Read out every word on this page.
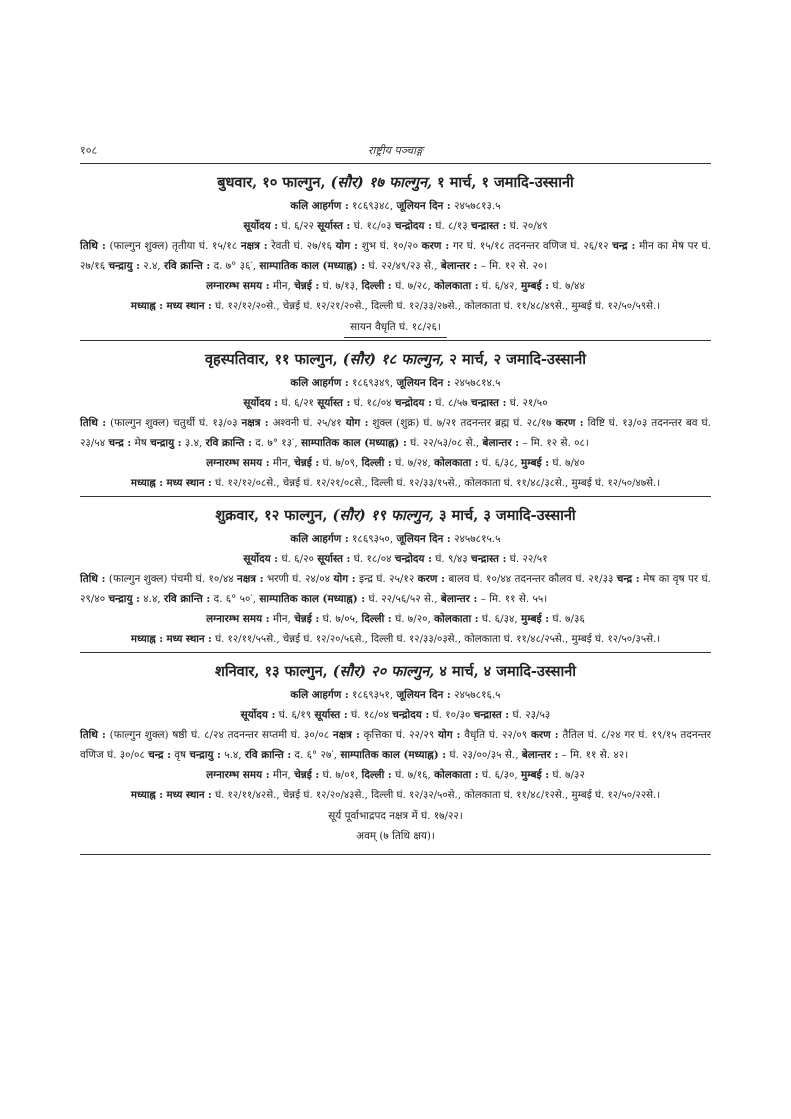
१०८	राष्ट्रीय पञ्चाङ्ग
बुधवार, १० फाल्गुन, (सौर) १७ फाल्गुन, १ मार्च, १ जमादि-उस्सानी
कलि आहर्गण : १८६९३४८, जूलियन दिन : २४५७८१३.५
सूर्योदय : घं. ६/२२ सूर्यास्त : घं. १८/०३ चन्द्रोदय : घं. ८/१३ चन्द्रास्त : घं. २०/४९
तिथि : (फाल्गुन शुक्ल) तृतीया घं. १५/१८ नक्षत्र : रेवती घं. २७/१६ योग : शुभ घं. १०/२० करण : गर घं. १५/१८ तदनन्तर वणिज घं. २६/१२ चन्द्र : मीन का मेष पर घं. २७/१६ चन्द्रायु : २.४, रवि क्रान्ति : द. ७° ३६′, साम्पातिक काल (मध्याह्न) : घं. २२/४९/२३ से., बेलान्तर : – मि. १२ से. २०।
लग्नारम्भ समय : मीन, चेन्नई : घं. ७/१३, दिल्ली : घं. ७/२८, कोलकाता : घं. ६/४२, मुम्बई : घं. ७/४४
मध्याह्न : मध्य स्थान : घं. १२/१२/२०से., चेन्नई घं. १२/२१/२०से., दिल्ली घं. १२/३३/२७से., कोलकाता घं. ११/४८/४९से., मुम्बई घं. १२/५०/५९से.।
सायन वैधृति घं. १८/२६।
वृहस्पतिवार, ११ फाल्गुन, (सौर) १८ फाल्गुन, २ मार्च, २ जमादि-उस्सानी
कलि आहर्गण : १८६९३४९, जूलियन दिन : २४५७८१४.५
सूर्योदय : घं. ६/२१ सूर्यास्त : घं. १८/०४ चन्द्रोदय : घं. ८/५७ चन्द्रास्त : घं. २१/५०
तिथि : (फाल्गुन शुक्ल) चतुर्थी घं. १३/०३ नक्षत्र : अश्वनी घं. २५/४१ योग : शुक्ल (शुक्र) घं. ७/२१ तदनन्तर ब्रह्म घं. २८/१७ करण : विष्टि घं. १३/०३ तदनन्तर बव घं. २३/५४ चन्द्र : मेष चन्द्रायु : ३.४, रवि क्रान्ति : द. ७° १३′, साम्पातिक काल (मध्याह्न) : घं. २२/५३/०८ से., बेलान्तर : – मि. १२ से. ०८।
लग्नारम्भ समय : मीन, चेन्नई : घं. ७/०९, दिल्ली : घं. ७/२४, कोलकाता : घं. ६/३८, मुम्बई : घं. ७/४०
मध्याह्न : मध्य स्थान : घं. १२/१२/०८से., चेन्नई घं. १२/२१/०८से., दिल्ली घं. १२/३३/१५से., कोलकाता घं. ११/४८/३८से., मुम्बई घं. १२/५०/४७से.।
शुक्रवार, १२ फाल्गुन, (सौर) १९ फाल्गुन, ३ मार्च, ३ जमादि-उस्सानी
कलि आहर्गण : १८६९३५०, जूलियन दिन : २४५७८१५.५
सूर्योदय : घं. ६/२० सूर्यास्त : घं. १८/०४ चन्द्रोदय : घं. ९/४३ चन्द्रास्त : घं. २२/५१
तिथि : (फाल्गुन शुक्ल) पंचमी घं. १०/४४ नक्षत्र : भरणी घं. २४/०४ योग : इन्द्र घं. २५/१२ करण : बालव घं. १०/४४ तदनन्तर कौलव घं. २१/३३ चन्द्र : मेष का वृष पर घं. २९/४० चन्द्रायु : ४.४, रवि क्रान्ति : द. ६° ५०′, साम्पातिक काल (मध्याह्न) : घं. २२/५६/५२ से., बेलान्तर : – मि. ११ से. ५५।
लग्नारम्भ समय : मीन, चेन्नई : घं. ७/०५, दिल्ली : घं. ७/२०, कोलकाता : घं. ६/३४, मुम्बई : घं. ७/३६
मध्याह्न : मध्य स्थान : घं. १२/११/५५से., चेन्नई घं. १२/२०/५६से., दिल्ली घं. १२/३३/०३से., कोलकाता घं. ११/४८/२५से., मुम्बई घं. १२/५०/३५से.।
शनिवार, १३ फाल्गुन, (सौर) २० फाल्गुन, ४ मार्च, ४ जमादि-उस्सानी
कलि आहर्गण : १८६९३५१, जूलियन दिन : २४५७८१६.५
सूर्योदय : घं. ६/१९ सूर्यास्त : घं. १८/०४ चन्द्रोदय : घं. १०/३० चन्द्रास्त : घं. २३/५३
तिथि : (फाल्गुन शुक्ल) षष्ठी घं. ८/२४ तदनन्तर सप्तमी घं. ३०/०८ नक्षत्र : कृत्तिका घं. २२/२९ योग : वैधृति घं. २२/०९ करण : तैतिल घं. ८/२४ गर घं. १९/१५ तदनन्तर वणिज घं. ३०/०८ चन्द्र : वृष चन्द्रायु : ५.४, रवि क्रान्ति : द. ६° २७′, साम्पातिक काल (मध्याह्न) : घं. २३/००/३५ से., बेलान्तर : – मि. ११ से. ४२।
लग्नारम्भ समय : मीन, चेन्नई : घं. ७/०१, दिल्ली : घं. ७/१६, कोलकाता : घं. ६/३०, मुम्बई : घं. ७/३२
मध्याह्न : मध्य स्थान : घं. १२/११/४२से., चेन्नई घं. १२/२०/४३से., दिल्ली घं. १२/३२/५०से., कोलकाता घं. ११/४८/१२से., मुम्बई घं. १२/५०/२२से.।
सूर्य पूर्वाभाद्रपद नक्षत्र में घं. १७/२२।
अवम् (७ तिथि क्षय)।
